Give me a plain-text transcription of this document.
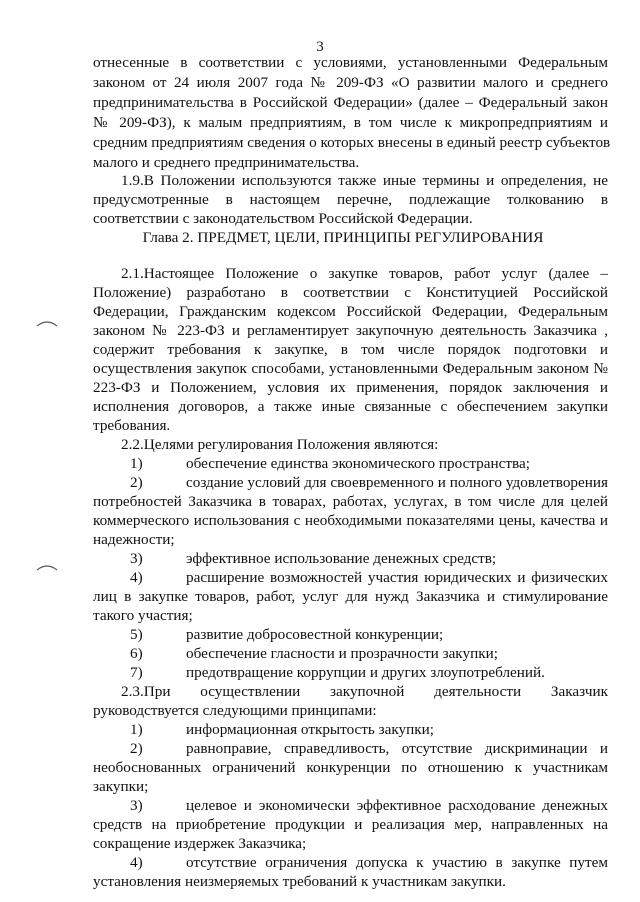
3
отнесенные в соответствии с условиями, установленными Федеральным
законом от 24 июля 2007 года № 209-ФЗ «О развитии малого и среднего
предпринимательства в Российской Федерации» (далее – Федеральный закон
№ 209-ФЗ), к малым предприятиям, в том числе к микропредприятиям и
средним предприятиям сведения о которых внесены в единый реестр субъектов
малого и среднего предпринимательства.
1.9.В Положении используются также иные термины и определения, не
предусмотренные в настоящем перечне, подлежащие толкованию в
соответствии с законодательством Российской Федерации.
Глава 2. ПРЕДМЕТ, ЦЕЛИ, ПРИНЦИПЫ РЕГУЛИРОВАНИЯ
2.1.Настоящее Положение о закупке товаров, работ услуг (далее –
Положение) разработано в соответствии с Конституцией Российской
Федерации, Гражданским кодексом Российской Федерации, Федеральным
законом № 223-ФЗ и регламентирует закупочную деятельность Заказчика ,
содержит требования к закупке, в том числе порядок подготовки и
осуществления закупок способами, установленными Федеральным законом №
223-ФЗ и Положением, условия их применения, порядок заключения и
исполнения договоров, а также иные связанные с обеспечением закупки
требования.
2.2.Целями регулирования Положения являются:
1)	обеспечение единства экономического пространства;
2)	создание условий для своевременного и полного удовлетворения
потребностей Заказчика в товарах, работах, услугах, в том числе для целей
коммерческого использования с необходимыми показателями цены, качества и
надежности;
3)	эффективное использование денежных средств;
4)	расширение возможностей участия юридических и физических
лиц в закупке товаров, работ, услуг для нужд Заказчика и стимулирование
такого участия;
5)	развитие добросовестной конкуренции;
6)	обеспечение гласности и прозрачности закупки;
7)	предотвращение коррупции и других злоупотреблений.
2.3.При осуществлении закупочной деятельности Заказчик
руководствуется следующими принципами:
1)	информационная открытость закупки;
2)	равноправие, справедливость, отсутствие дискриминации и
необоснованных ограничений конкуренции по отношению к участникам
закупки;
3)	целевое и экономически эффективное расходование денежных
средств на приобретение продукции и реализация мер, направленных на
сокращение издержек Заказчика;
4)	отсутствие ограничения допуска к участию в закупке путем
установления неизмеряемых требований к участникам закупки.
